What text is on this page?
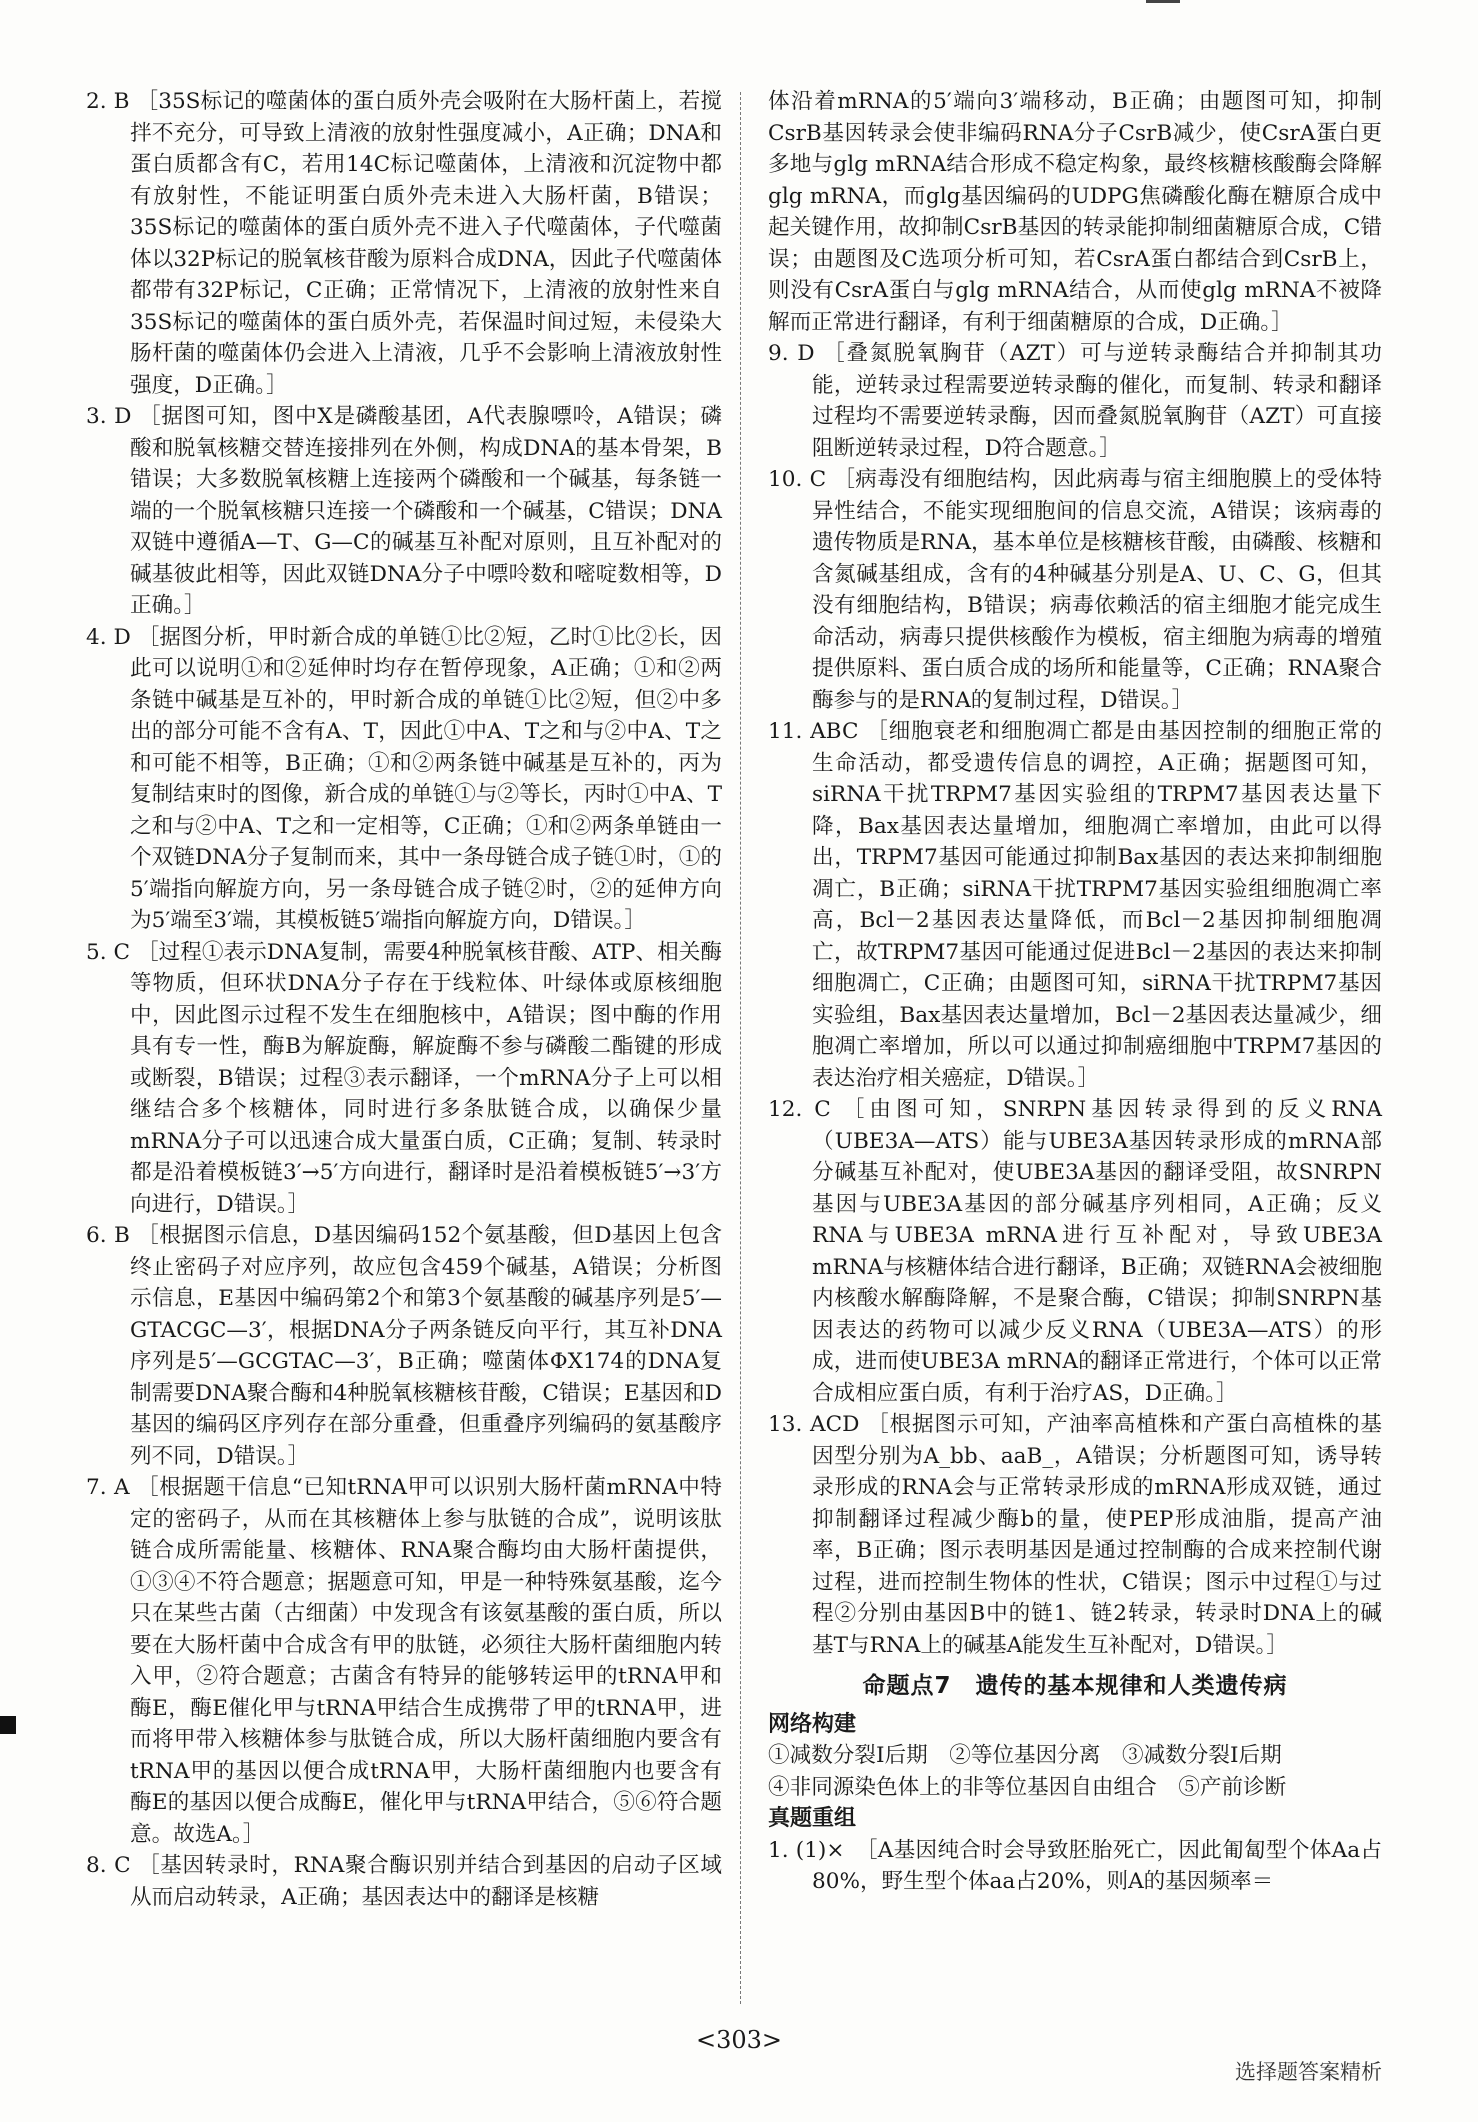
2. B ［35S标记的噬菌体的蛋白质外壳会吸附在大肠杆菌上，若搅拌不充分，可导致上清液的放射性强度减小，A正确；DNA和蛋白质都含有C，若用14C标记噬菌体，上清液和沉淀物中都有放射性，不能证明蛋白质外壳未进入大肠杆菌，B错误；35S标记的噬菌体的蛋白质外壳不进入子代噬菌体，子代噬菌体以32P标记的脱氧核苷酸为原料合成DNA，因此子代噬菌体都带有32P标记，C正确；正常情况下，上清液的放射性来自35S标记的噬菌体的蛋白质外壳，若保温时间过短，未侵染大肠杆菌的噬菌体仍会进入上清液，几乎不会影响上清液放射性强度，D正确。］

3. D ［据图可知，图中X是磷酸基团，A代表腺嘌呤，A错误；磷酸和脱氧核糖交替连接排列在外侧，构成DNA的基本骨架，B错误；大多数脱氧核糖上连接两个磷酸和一个碱基，每条链一端的一个脱氧核糖只连接一个磷酸和一个碱基，C错误；DNA双链中遵循A—T、G—C的碱基互补配对原则，且互补配对的碱基彼此相等，因此双链DNA分子中嘌呤数和嘧啶数相等，D正确。］

4. D ［据图分析，甲时新合成的单链①比②短，乙时①比②长，因此可以说明①和②延伸时均存在暂停现象，A正确；①和②两条链中碱基是互补的，甲时新合成的单链①比②短，但②中多出的部分可能不含有A、T，因此①中A、T之和与②中A、T之和可能不相等，B正确；①和②两条链中碱基是互补的，丙为复制结束时的图像，新合成的单链①与②等长，丙时①中A、T之和与②中A、T之和一定相等，C正确；①和②两条单链由一个双链DNA分子复制而来，其中一条母链合成子链①时，①的5′端指向解旋方向，另一条母链合成子链②时，②的延伸方向为5′端至3′端，其模板链5′端指向解旋方向，D错误。］

5. C ［过程①表示DNA复制，需要4种脱氧核苷酸、ATP、相关酶等物质，但环状DNA分子存在于线粒体、叶绿体或原核细胞中，因此图示过程不发生在细胞核中，A错误；图中酶的作用具有专一性，酶B为解旋酶，解旋酶不参与磷酸二酯键的形成或断裂，B错误；过程③表示翻译，一个mRNA分子上可以相继结合多个核糖体，同时进行多条肽链合成，以确保少量mRNA分子可以迅速合成大量蛋白质，C正确；复制、转录时都是沿着模板链3′→5′方向进行，翻译时是沿着模板链5′→3′方向进行，D错误。］

6. B ［根据图示信息，D基因编码152个氨基酸，但D基因上包含终止密码子对应序列，故应包含459个碱基，A错误；分析图示信息，E基因中编码第2个和第3个氨基酸的碱基序列是5′—GTACGC—3′，根据DNA分子两条链反向平行，其互补DNA序列是5′—GCGTAC—3′，B正确；噬菌体ΦX174的DNA复制需要DNA聚合酶和4种脱氧核糖核苷酸，C错误；E基因和D基因的编码区序列存在部分重叠，但重叠序列编码的氨基酸序列不同，D错误。］

7. A ［根据题干信息“已知tRNA甲可以识别大肠杆菌mRNA中特定的密码子，从而在其核糖体上参与肽链的合成”，说明该肽链合成所需能量、核糖体、RNA聚合酶均由大肠杆菌提供，①③④不符合题意；据题意可知，甲是一种特殊氨基酸，迄今只在某些古菌（古细菌）中发现含有该氨基酸的蛋白质，所以要在大肠杆菌中合成含有甲的肽链，必须往大肠杆菌细胞内转入甲，②符合题意；古菌含有特异的能够转运甲的tRNA甲和酶E，酶E催化甲与tRNA甲结合生成携带了甲的tRNA甲，进而将甲带入核糖体参与肽链合成，所以大肠杆菌细胞内要含有tRNA甲的基因以便合成tRNA甲，大肠杆菌细胞内也要含有酶E的基因以便合成酶E，催化甲与tRNA甲结合，⑤⑥符合题意。故选A。］

8. C ［基因转录时，RNA聚合酶识别并结合到基因的启动子区域从而启动转录，A正确；基因表达中的翻译是核糖

体沿着mRNA的5′端向3′端移动，B正确；由题图可知，抑制CsrB基因转录会使非编码RNA分子CsrB减少，使CsrA蛋白更多地与glg mRNA结合形成不稳定构象，最终核糖核酸酶会降解glg mRNA，而glg基因编码的UDPG焦磷酸化酶在糖原合成中起关键作用，故抑制CsrB基因的转录能抑制细菌糖原合成，C错误；由题图及C选项分析可知，若CsrA蛋白都结合到CsrB上，则没有CsrA蛋白与glg mRNA结合，从而使glg mRNA不被降解而正常进行翻译，有利于细菌糖原的合成，D正确。］

9. D ［叠氮脱氧胸苷（AZT）可与逆转录酶结合并抑制其功能，逆转录过程需要逆转录酶的催化，而复制、转录和翻译过程均不需要逆转录酶，因而叠氮脱氧胸苷（AZT）可直接阻断逆转录过程，D符合题意。］

10. C ［病毒没有细胞结构，因此病毒与宿主细胞膜上的受体特异性结合，不能实现细胞间的信息交流，A错误；该病毒的遗传物质是RNA，基本单位是核糖核苷酸，由磷酸、核糖和含氮碱基组成，含有的4种碱基分别是A、U、C、G，但其没有细胞结构，B错误；病毒依赖活的宿主细胞才能完成生命活动，病毒只提供核酸作为模板，宿主细胞为病毒的增殖提供原料、蛋白质合成的场所和能量等，C正确；RNA聚合酶参与的是RNA的复制过程，D错误。］

11. ABC ［细胞衰老和细胞凋亡都是由基因控制的细胞正常的生命活动，都受遗传信息的调控，A正确；据题图可知，siRNA干扰TRPM7基因实验组的TRPM7基因表达量下降，Bax基因表达量增加，细胞凋亡率增加，由此可以得出，TRPM7基因可能通过抑制Bax基因的表达来抑制细胞凋亡，B正确；siRNA干扰TRPM7基因实验组细胞凋亡率高，Bcl－2基因表达量降低，而Bcl－2基因抑制细胞凋亡，故TRPM7基因可能通过促进Bcl－2基因的表达来抑制细胞凋亡，C正确；由题图可知，siRNA干扰TRPM7基因实验组，Bax基因表达量增加，Bcl－2基因表达量减少，细胞凋亡率增加，所以可以通过抑制癌细胞中TRPM7基因的表达治疗相关癌症，D错误。］

12. C ［由图可知，SNRPN基因转录得到的反义RNA（UBE3A—ATS）能与UBE3A基因转录形成的mRNA部分碱基互补配对，使UBE3A基因的翻译受阻，故SNRPN基因与UBE3A基因的部分碱基序列相同，A正确；反义RNA与UBE3A mRNA进行互补配对，导致UBE3A mRNA与核糖体结合进行翻译，B正确；双链RNA会被细胞内核酸水解酶降解，不是聚合酶，C错误；抑制SNRPN基因表达的药物可以减少反义RNA（UBE3A—ATS）的形成，进而使UBE3A mRNA的翻译正常进行，个体可以正常合成相应蛋白质，有利于治疗AS，D正确。］

13. ACD ［根据图示可知，产油率高植株和产蛋白高植株的基因型分别为A_bb、aaB_，A错误；分析题图可知，诱导转录形成的RNA会与正常转录形成的mRNA形成双链，通过抑制翻译过程减少酶b的量，使PEP形成油脂，提高产油率，B正确；图示表明基因是通过控制酶的合成来控制代谢过程，进而控制生物体的性状，C错误；图示中过程①与过程②分别由基因B中的链1、链2转录，转录时DNA上的碱基T与RNA上的碱基A能发生互补配对，D错误。］

命题点7　遗传的基本规律和人类遗传病

网络构建

①减数分裂Ⅰ后期　②等位基因分离　③减数分裂Ⅰ后期

④非同源染色体上的非等位基因自由组合　⑤产前诊断

真题重组

1. (1)×　［A基因纯合时会导致胚胎死亡，因此匍匐型个体Aa占80%，野生型个体aa占20%，则A的基因频率＝

<303>
选择题答案精析
